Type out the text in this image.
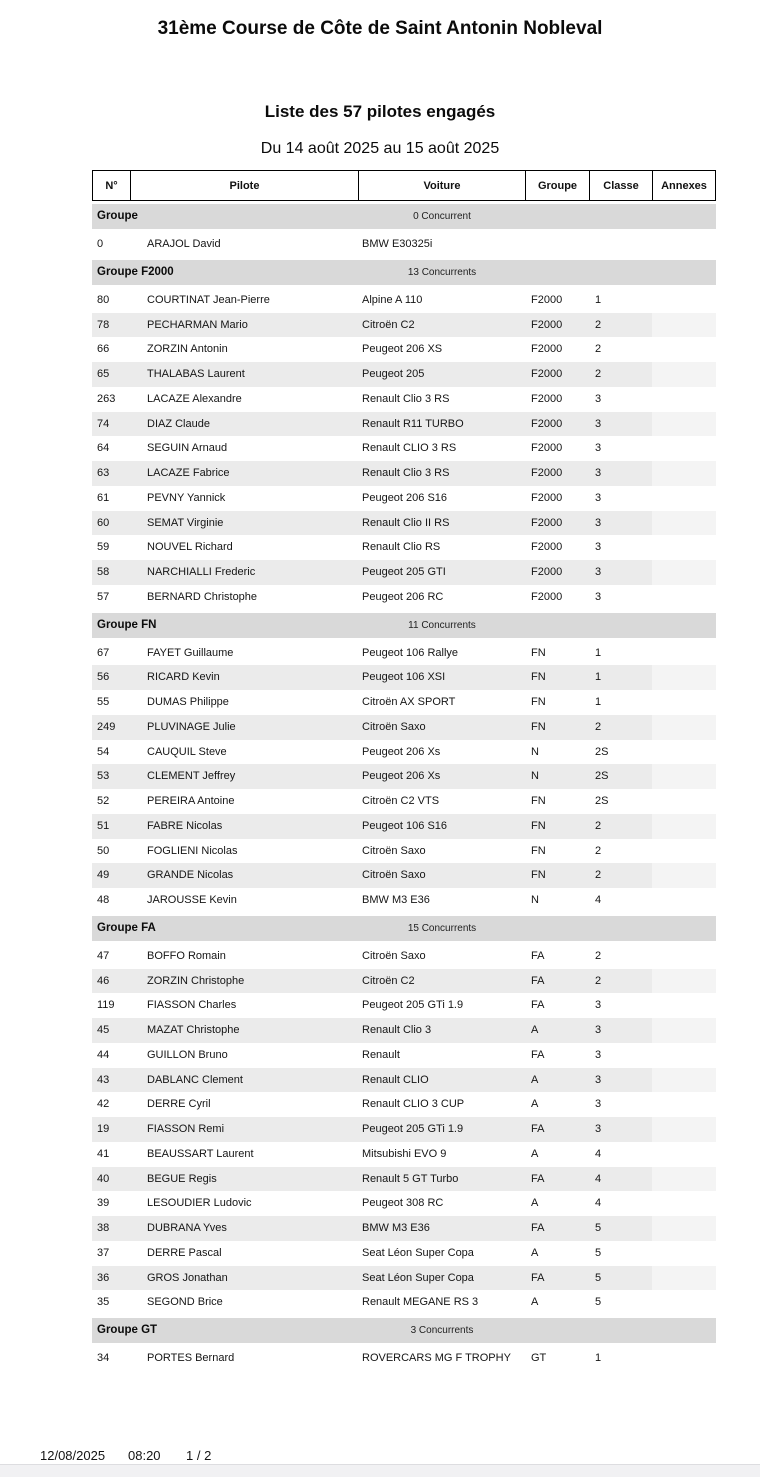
31ème Course de Côte de Saint Antonin Nobleval
Liste des 57 pilotes engagés
Du 14 août 2025 au 15 août 2025
N°	Pilote	Voiture	Groupe	Classe	Annexes
Groupe	0 Concurrent
0	ARAJOL David	BMW E30325i
Groupe F2000	13 Concurrents
80	COURTINAT Jean-Pierre	Alpine A 110	F2000	1
78	PECHARMAN Mario	Citroën C2	F2000	2
66	ZORZIN Antonin	Peugeot 206 XS	F2000	2
65	THALABAS Laurent	Peugeot 205	F2000	2
263	LACAZE Alexandre	Renault Clio 3 RS	F2000	3
74	DIAZ Claude	Renault R11 TURBO	F2000	3
64	SEGUIN Arnaud	Renault CLIO 3 RS	F2000	3
63	LACAZE Fabrice	Renault Clio 3 RS	F2000	3
61	PEVNY Yannick	Peugeot 206 S16	F2000	3
60	SEMAT Virginie	Renault Clio II RS	F2000	3
59	NOUVEL Richard	Renault Clio RS	F2000	3
58	NARCHIALLI Frederic	Peugeot 205 GTI	F2000	3
57	BERNARD Christophe	Peugeot 206 RC	F2000	3
Groupe FN	11 Concurrents
67	FAYET Guillaume	Peugeot 106 Rallye	FN	1
56	RICARD Kevin	Peugeot 106 XSI	FN	1
55	DUMAS Philippe	Citroën AX SPORT	FN	1
249	PLUVINAGE Julie	Citroën Saxo	FN	2
54	CAUQUIL Steve	Peugeot 206 Xs	N	2S
53	CLEMENT Jeffrey	Peugeot 206 Xs	N	2S
52	PEREIRA Antoine	Citroën C2 VTS	FN	2S
51	FABRE Nicolas	Peugeot 106 S16	FN	2
50	FOGLIENI Nicolas	Citroën Saxo	FN	2
49	GRANDE Nicolas	Citroën Saxo	FN	2
48	JAROUSSE Kevin	BMW M3 E36	N	4
Groupe FA	15 Concurrents
47	BOFFO Romain	Citroën Saxo	FA	2
46	ZORZIN Christophe	Citroën C2	FA	2
119	FIASSON Charles	Peugeot 205 GTi 1.9	FA	3
45	MAZAT Christophe	Renault Clio 3	A	3
44	GUILLON Bruno	Renault	FA	3
43	DABLANC Clement	Renault CLIO	A	3
42	DERRE Cyril	Renault CLIO 3 CUP	A	3
19	FIASSON Remi	Peugeot 205 GTi 1.9	FA	3
41	BEAUSSART Laurent	Mitsubishi EVO 9	A	4
40	BEGUE Regis	Renault 5 GT Turbo	FA	4
39	LESOUDIER Ludovic	Peugeot 308 RC	A	4
38	DUBRANA Yves	BMW M3 E36	FA	5
37	DERRE Pascal	Seat Léon Super Copa	A	5
36	GROS Jonathan	Seat Léon Super Copa	FA	5
35	SEGOND Brice	Renault MEGANE RS 3	A	5
Groupe GT	3 Concurrents
34	PORTES Bernard	ROVERCARS MG F TROPHY	GT	1
12/08/2025 08:20 1 / 2
